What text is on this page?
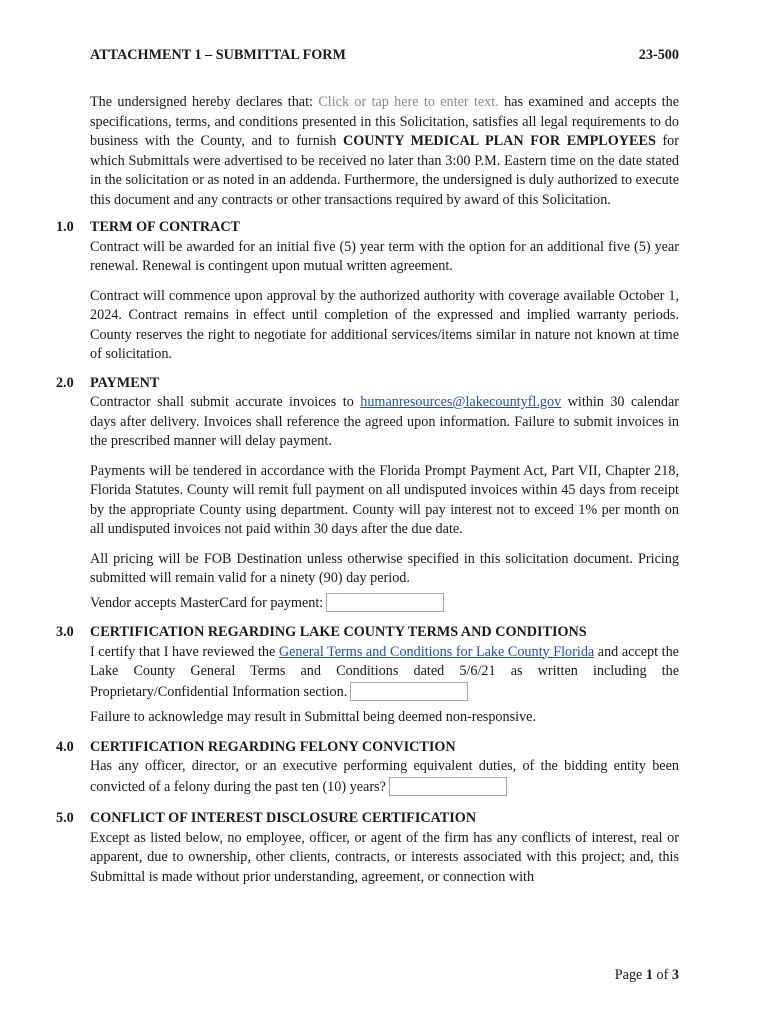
ATTACHMENT 1 – SUBMITTAL FORM	23-500

The undersigned hereby declares that: Click or tap here to enter text. has examined and accepts the specifications, terms, and conditions presented in this Solicitation, satisfies all legal requirements to do business with the County, and to furnish COUNTY MEDICAL PLAN FOR EMPLOYEES for which Submittals were advertised to be received no later than 3:00 P.M. Eastern time on the date stated in the solicitation or as noted in an addenda. Furthermore, the undersigned is duly authorized to execute this document and any contracts or other transactions required by award of this Solicitation.

1.0 TERM OF CONTRACT

Contract will be awarded for an initial five (5) year term with the option for an additional five (5) year renewal. Renewal is contingent upon mutual written agreement.

Contract will commence upon approval by the authorized authority with coverage available October 1, 2024. Contract remains in effect until completion of the expressed and implied warranty periods. County reserves the right to negotiate for additional services/items similar in nature not known at time of solicitation.

2.0 PAYMENT

Contractor shall submit accurate invoices to humanresources@lakecountyfl.gov within 30 calendar days after delivery. Invoices shall reference the agreed upon information. Failure to submit invoices in the prescribed manner will delay payment.

Payments will be tendered in accordance with the Florida Prompt Payment Act, Part VII, Chapter 218, Florida Statutes. County will remit full payment on all undisputed invoices within 45 days from receipt by the appropriate County using department. County will pay interest not to exceed 1% per month on all undisputed invoices not paid within 30 days after the due date.

All pricing will be FOB Destination unless otherwise specified in this solicitation document. Pricing submitted will remain valid for a ninety (90) day period.

Vendor accepts MasterCard for payment:
3.0 CERTIFICATION REGARDING LAKE COUNTY TERMS AND CONDITIONS

I certify that I have reviewed the General Terms and Conditions for Lake County Florida and accept the Lake County General Terms and Conditions dated 5/6/21 as written including the Proprietary/Confidential Information section.

Failure to acknowledge may result in Submittal being deemed non-responsive.

4.0 CERTIFICATION REGARDING FELONY CONVICTION

Has any officer, director, or an executive performing equivalent duties, of the bidding entity been convicted of a felony during the past ten (10) years?

5.0 CONFLICT OF INTEREST DISCLOSURE CERTIFICATION

Except as listed below, no employee, officer, or agent of the firm has any conflicts of interest, real or apparent, due to ownership, other clients, contracts, or interests associated with this project; and, this Submittal is made without prior understanding, agreement, or connection with

Page 1 of 3
